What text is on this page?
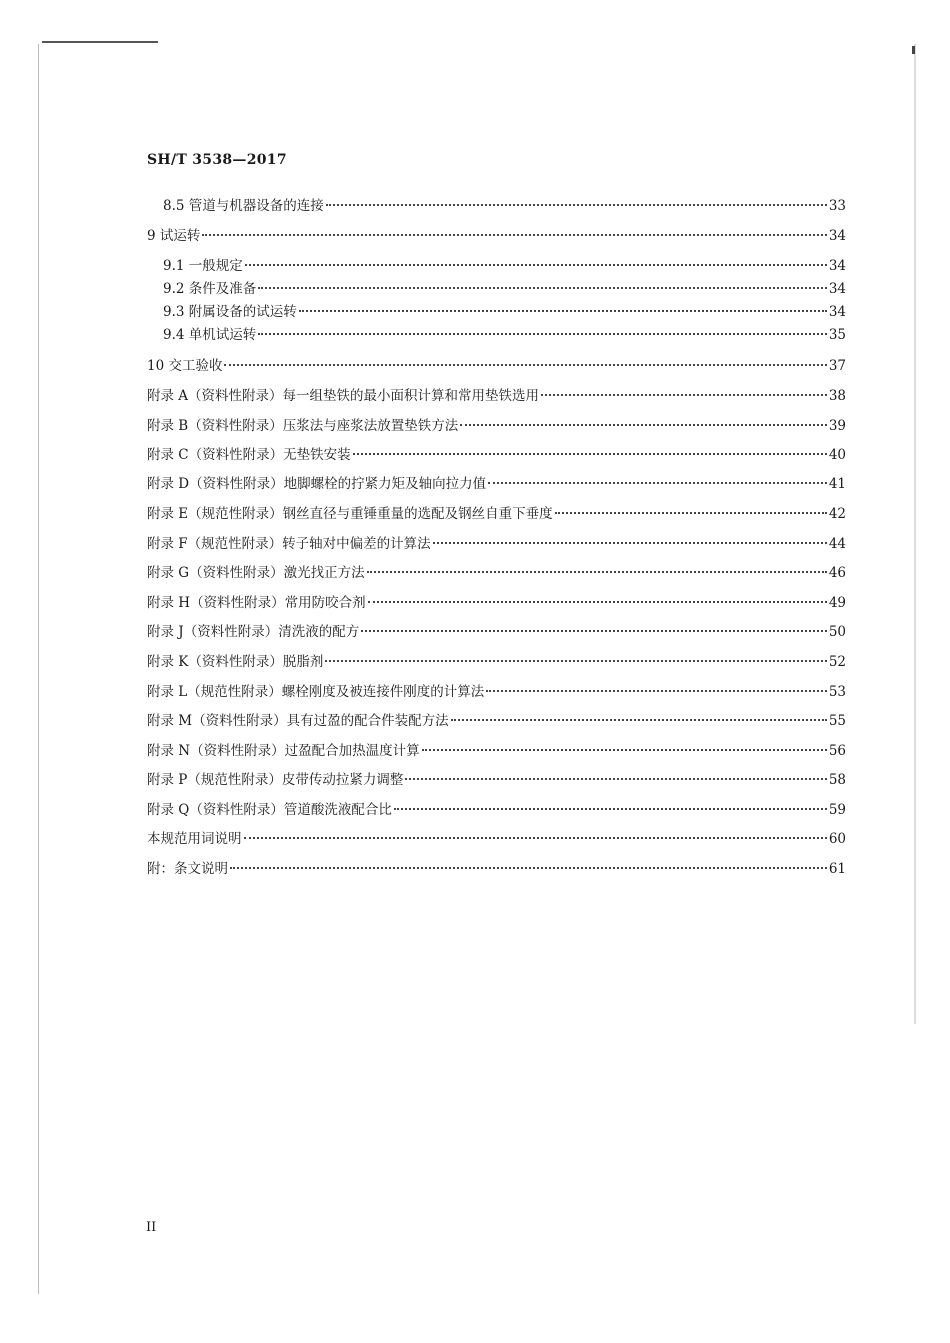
SH/T 3538—2017
8.5 管道与机器设备的连接	33
9 试运转	34
9.1 一般规定	34
9.2 条件及准备	34
9.3 附属设备的试运转	34
9.4 单机试运转	35
10 交工验收	37
附录 A（资料性附录）每一组垫铁的最小面积计算和常用垫铁选用	38
附录 B（资料性附录）压浆法与座浆法放置垫铁方法	39
附录 C（资料性附录）无垫铁安装	40
附录 D（资料性附录）地脚螺栓的拧紧力矩及轴向拉力值	41
附录 E（规范性附录）钢丝直径与重锤重量的选配及钢丝自重下垂度	42
附录 F（规范性附录）转子轴对中偏差的计算法	44
附录 G（资料性附录）激光找正方法	46
附录 H（资料性附录）常用防咬合剂	49
附录 J（资料性附录）清洗液的配方	50
附录 K（资料性附录）脱脂剂	52
附录 L（规范性附录）螺栓刚度及被连接件刚度的计算法	53
附录 M（资料性附录）具有过盈的配合件装配方法	55
附录 N（资料性附录）过盈配合加热温度计算	56
附录 P（规范性附录）皮带传动拉紧力调整	58
附录 Q（资料性附录）管道酸洗液配合比	59
本规范用词说明	60
附：条文说明	61
II
